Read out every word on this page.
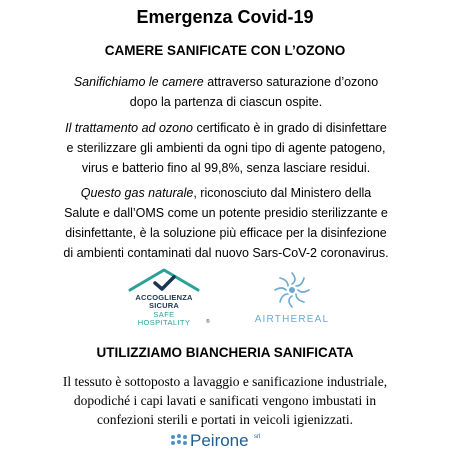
Emergenza Covid-19
CAMERE SANIFICATE CON L’OZONO
Sanifichiamo le camere attraverso saturazione d’ozono dopo la partenza di ciascun ospite.
Il trattamento ad ozono certificato è in grado di disinfettare e sterilizzare gli ambienti da ogni tipo di agente patogeno, virus e batterio fino al 99,8%, senza lasciare residui.
Questo gas naturale, riconosciuto dal Ministero della Salute e dall’OMS come un potente presidio sterilizzante e disinfettante, è la soluzione più efficace per la disinfezione di ambienti contaminati dal nuovo Sars-CoV-2 coronavirus.
ACCOGLIENZA
SICURA
SAFE
HOSPITALITY	®	AIRTHEREAL
UTILIZZIAMO BIANCHERIA SANIFICATA
Il tessuto è sottoposto a lavaggio e sanificazione industriale, dopodiché i capi lavati e sanificati vengono imbustati in confezioni sterili e portati in veicoli igienizzati.
Peirone srl
